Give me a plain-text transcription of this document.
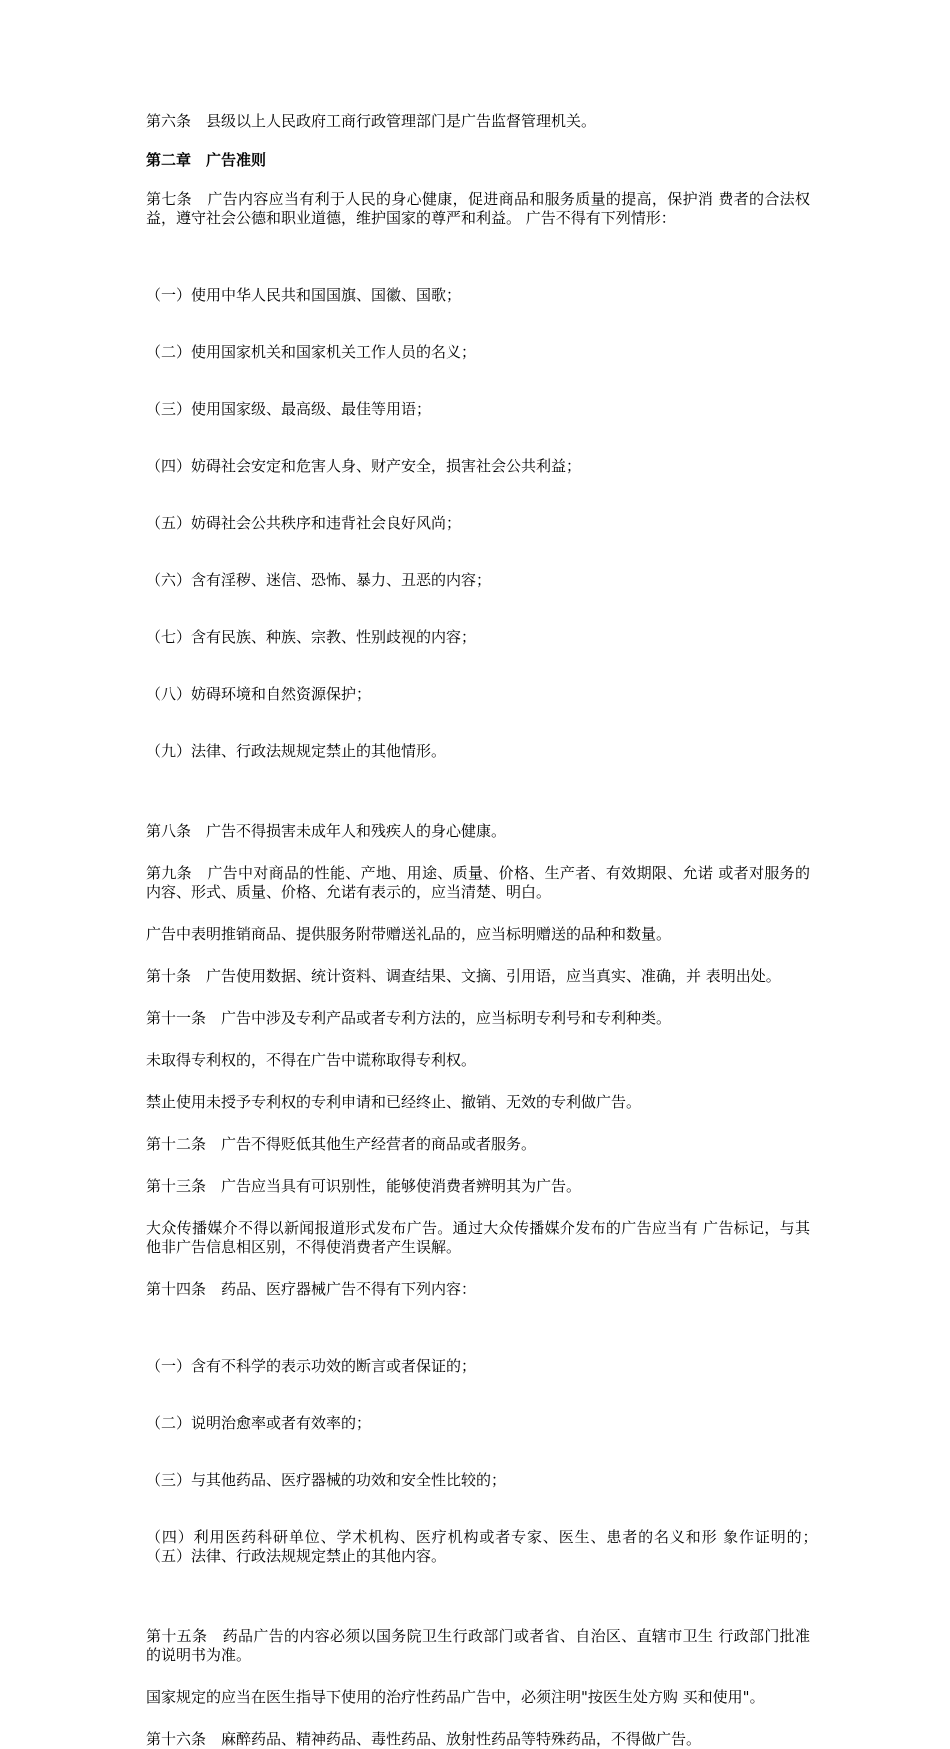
第六条　县级以上人民政府工商行政管理部门是广告监督管理机关。

第二章　广告准则

第七条　广告内容应当有利于人民的身心健康，促进商品和服务质量的提高，保护消 费者的合法权益，遵守社会公德和职业道德，维护国家的尊严和利益。 广告不得有下列情形：

（一）使用中华人民共和国国旗、国徽、国歌；

（二）使用国家机关和国家机关工作人员的名义；

（三）使用国家级、最高级、最佳等用语；

（四）妨碍社会安定和危害人身、财产安全，损害社会公共利益；

（五）妨碍社会公共秩序和违背社会良好风尚；

（六）含有淫秽、迷信、恐怖、暴力、丑恶的内容；

（七）含有民族、种族、宗教、性别歧视的内容；

（八）妨碍环境和自然资源保护；

（九）法律、行政法规规定禁止的其他情形。

第八条　广告不得损害未成年人和残疾人的身心健康。

第九条　广告中对商品的性能、产地、用途、质量、价格、生产者、有效期限、允诺 或者对服务的内容、形式、质量、价格、允诺有表示的，应当清楚、明白。

广告中表明推销商品、提供服务附带赠送礼品的，应当标明赠送的品种和数量。

第十条　广告使用数据、统计资料、调查结果、文摘、引用语，应当真实、准确，并 表明出处。

第十一条　广告中涉及专利产品或者专利方法的，应当标明专利号和专利种类。

未取得专利权的，不得在广告中谎称取得专利权。

禁止使用未授予专利权的专利申请和已经终止、撤销、无效的专利做广告。

第十二条　广告不得贬低其他生产经营者的商品或者服务。

第十三条　广告应当具有可识别性，能够使消费者辨明其为广告。

大众传播媒介不得以新闻报道形式发布广告。通过大众传播媒介发布的广告应当有 广告标记，与其他非广告信息相区别，不得使消费者产生误解。

第十四条　药品、医疗器械广告不得有下列内容：

（一）含有不科学的表示功效的断言或者保证的；

（二）说明治愈率或者有效率的；

（三）与其他药品、医疗器械的功效和安全性比较的；

（四）利用医药科研单位、学术机构、医疗机构或者专家、医生、患者的名义和形 象作证明的；　　　（五）法律、行政法规规定禁止的其他内容。

第十五条　药品广告的内容必须以国务院卫生行政部门或者省、自治区、直辖市卫生 行政部门批准的说明书为准。

国家规定的应当在医生指导下使用的治疗性药品广告中，必须注明"按医生处方购 买和使用"。

第十六条　麻醉药品、精神药品、毒性药品、放射性药品等特殊药品，不得做广告。
